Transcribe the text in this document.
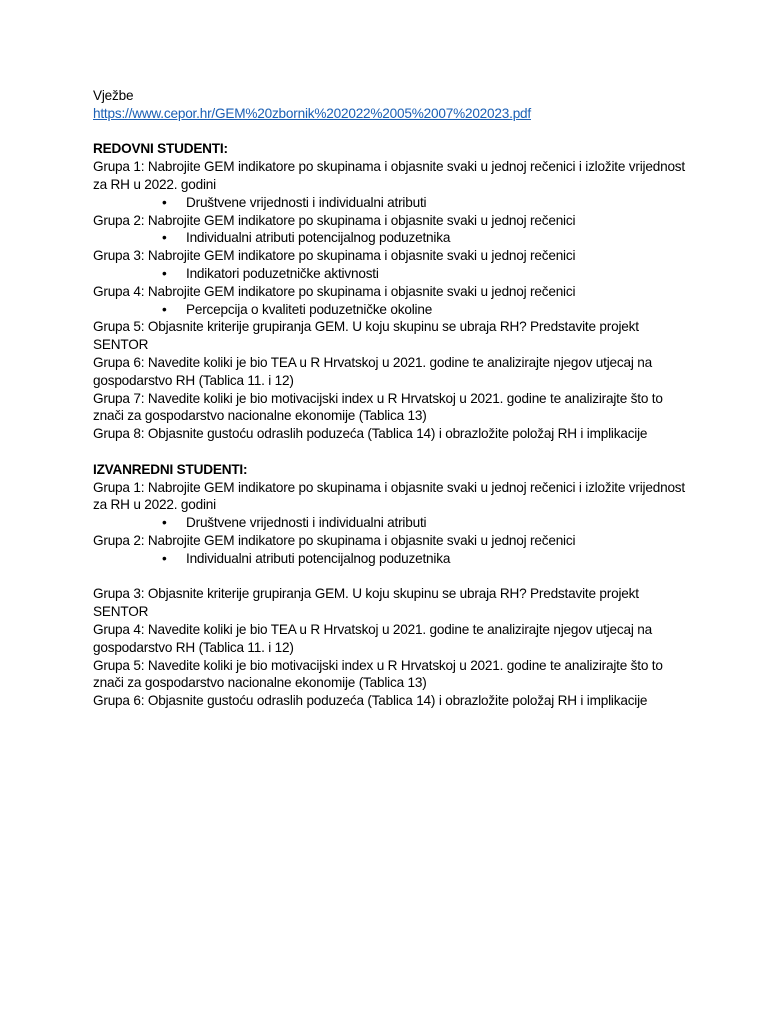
Vježbe
https://www.cepor.hr/GEM%20zbornik%202022%2005%2007%202023.pdf
REDOVNI STUDENTI:
Grupa 1: Nabrojite GEM indikatore po skupinama i objasnite svaki u jednoj rečenici i izložite vrijednost za RH u 2022. godini
• Društvene vrijednosti i individualni atributi
Grupa 2: Nabrojite GEM indikatore po skupinama i objasnite svaki u jednoj rečenici
• Individualni atributi potencijalnog poduzetnika
Grupa 3: Nabrojite GEM indikatore po skupinama i objasnite svaki u jednoj rečenici
• Indikatori poduzetničke aktivnosti
Grupa 4: Nabrojite GEM indikatore po skupinama i objasnite svaki u jednoj rečenici
• Percepcija o kvaliteti poduzetničke okoline
Grupa 5: Objasnite kriterije grupiranja GEM. U koju skupinu se ubraja RH? Predstavite projekt SENTOR
Grupa 6: Navedite koliki je bio TEA u R Hrvatskoj u 2021. godine te analizirajte njegov utjecaj na gospodarstvo RH (Tablica 11. i 12)
Grupa 7: Navedite koliki je bio motivacijski index u R Hrvatskoj u 2021. godine te analizirajte što to znači za gospodarstvo nacionalne ekonomije (Tablica 13)
Grupa 8: Objasnite gustoću odraslih poduzeća (Tablica 14) i obrazložite položaj RH i implikacije
IZVANREDNI STUDENTI:
Grupa 1: Nabrojite GEM indikatore po skupinama i objasnite svaki u jednoj rečenici i izložite vrijednost za RH u 2022. godini
• Društvene vrijednosti i individualni atributi
Grupa 2: Nabrojite GEM indikatore po skupinama i objasnite svaki u jednoj rečenici
• Individualni atributi potencijalnog poduzetnika
Grupa 3: Objasnite kriterije grupiranja GEM. U koju skupinu se ubraja RH? Predstavite projekt SENTOR
Grupa 4: Navedite koliki je bio TEA u R Hrvatskoj u 2021. godine te analizirajte njegov utjecaj na gospodarstvo RH (Tablica 11. i 12)
Grupa 5: Navedite koliki je bio motivacijski index u R Hrvatskoj u 2021. godine te analizirajte što to znači za gospodarstvo nacionalne ekonomije (Tablica 13)
Grupa 6: Objasnite gustoću odraslih poduzeća (Tablica 14) i obrazložite položaj RH i implikacije
